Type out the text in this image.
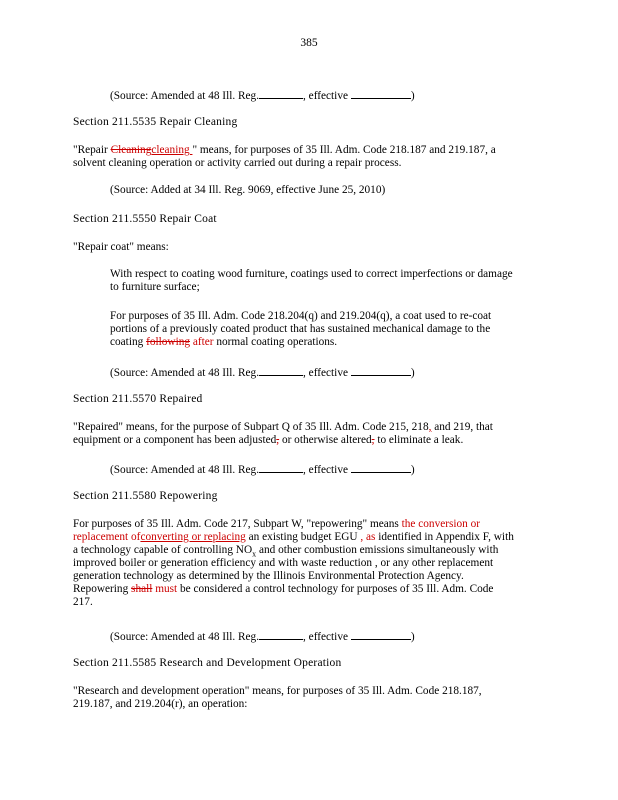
385
(Source: Amended at 48 Ill. Reg.	, effective	)
Section 211.5535 Repair Cleaning
"Repair Cleaningcleaning " means, for purposes of 35 Ill. Adm. Code 218.187 and 219.187, a
solvent cleaning operation or activity carried out during a repair process.
(Source: Added at 34 Ill. Reg. 9069, effective June 25, 2010)
Section 211.5550 Repair Coat
"Repair coat" means:
With respect to coating wood furniture, coatings used to correct imperfections or damage
to furniture surface;
For purposes of 35 Ill. Adm. Code 218.204(q) and 219.204(q), a coat used to re-coat
portions of a previously coated product that has sustained mechanical damage to the
coating following after normal coating operations.
(Source: Amended at 48 Ill. Reg.	, effective	)
Section 211.5570 Repaired
"Repaired" means, for the purpose of Subpart Q of 35 Ill. Adm. Code 215, 218, and 219, that
equipment or a component has been adjusted, or otherwise altered, to eliminate a leak.
(Source: Amended at 48 Ill. Reg.	, effective	)
Section 211.5580 Repowering
For purposes of 35 Ill. Adm. Code 217, Subpart W, "repowering" means the conversion or
replacement ofconverting or replacing an existing budget EGU , as identified in Appendix F, with
a technology capable of controlling $NO_x$ and other combustion emissions simultaneously with
improved boiler or generation efficiency and with waste reduction , or any other replacement
generation technology as determined by the Illinois Environmental Protection Agency.
Repowering shall must be considered a control technology for purposes of 35 Ill. Adm. Code
217.
(Source: Amended at 48 Ill. Reg.	, effective	)
Section 211.5585 Research and Development Operation
"Research and development operation" means, for purposes of 35 Ill. Adm. Code 218.187,
219.187, and 219.204(r), an operation:
